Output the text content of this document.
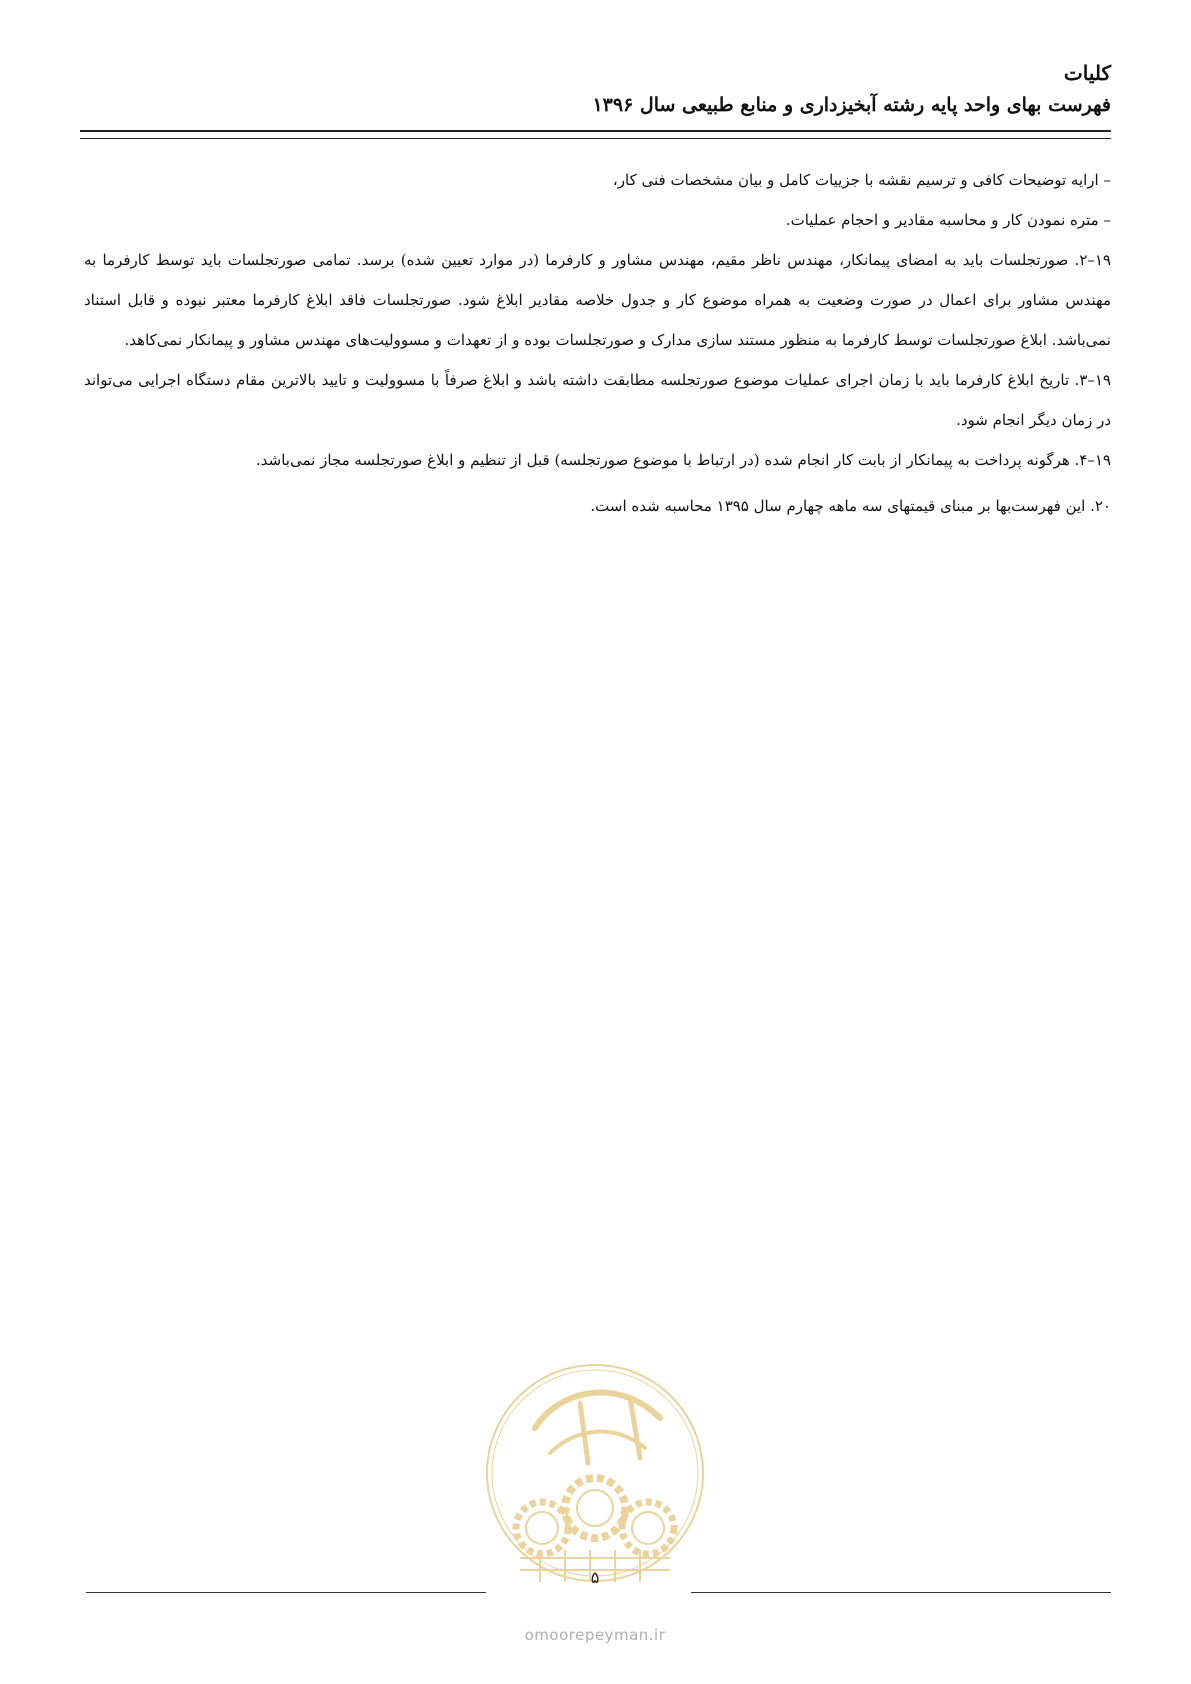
کلیات
فهرست بهای واحد پایه رشته آبخیزداری و منابع طبیعی سال ۱۳۹۶

– ارایه توضیحات کافی و ترسیم نقشه با جزییات کامل و بیان مشخصات فنی کار،

– متره نمودن کار و محاسبه مقادیر و احجام عملیات.

۱۹–۲. صورتجلسات باید به امضای پیمانکار، مهندس ناظر مقیم، مهندس مشاور و کارفرما (در موارد تعیین شده) برسد. تمامی صورتجلسات باید توسط کارفرما به مهندس مشاور برای اعمال در صورت وضعیت به همراه موضوع کار و جدول خلاصه مقادیر ابلاغ شود. صورتجلسات فاقد ابلاغ کارفرما معتبر نبوده و قابل استناد نمی‌باشد. ابلاغ صورتجلسات توسط کارفرما به منظور مستند سازی مدارک و صورتجلسات بوده و از تعهدات و مسوولیت‌های مهندس مشاور و پیمانکار نمی‌کاهد.

۱۹–۳. تاریخ ابلاغ کارفرما باید با زمان اجرای عملیات موضوع صورتجلسه مطابقت داشته باشد و ابلاغ صرفاً با مسوولیت و تایید بالاترین مقام دستگاه اجرایی می‌تواند در زمان دیگر انجام شود.

۱۹–۴. هرگونه پرداخت به پیمانکار از بابت کار انجام شده (در ارتباط با موضوع صورتجلسه) قبل از تنظیم و ابلاغ صورتجلسه مجاز نمی‌باشد.

۲۰. این فهرست‌بها بر مبنای قیمتهای سه ماهه چهارم سال ۱۳۹۵ محاسبه شده است.

۵
omoorepeyman.ir
